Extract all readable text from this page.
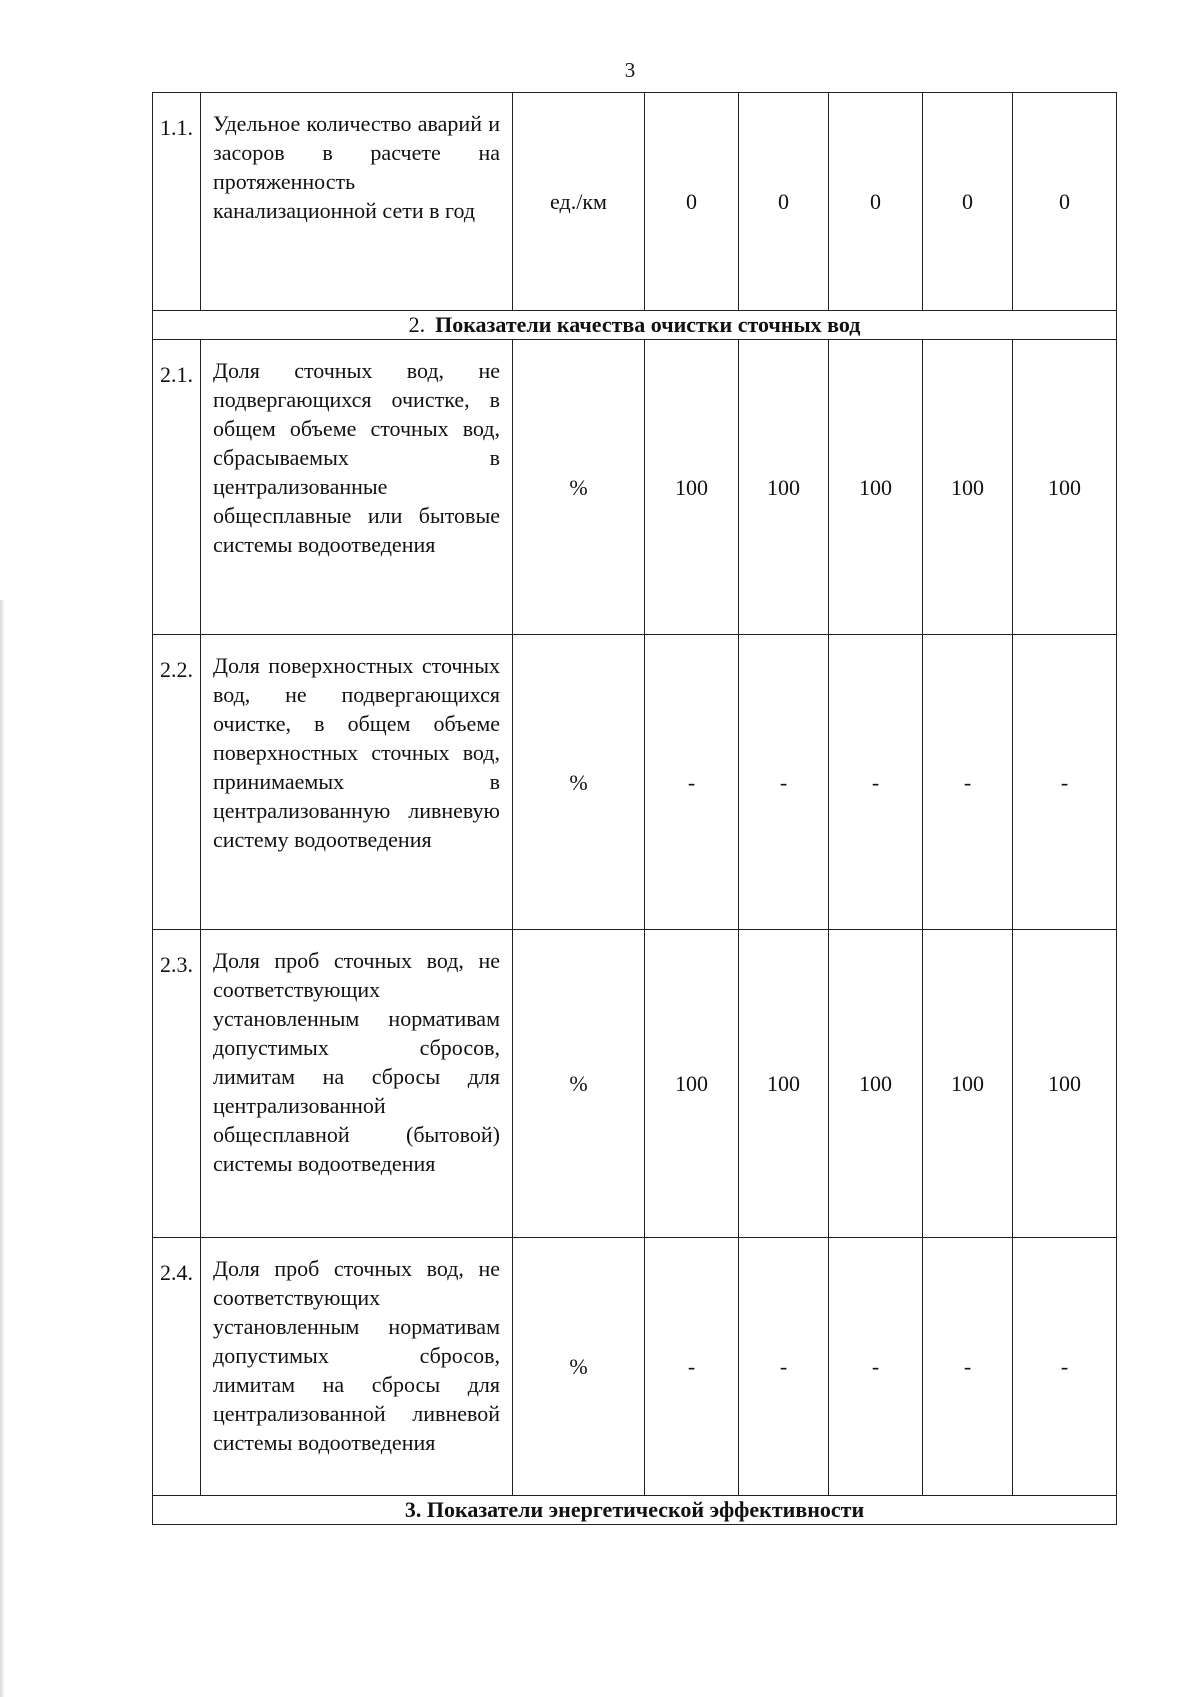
3
1.1.	Удельное количество аварий и засоров в расчете на протяженность канализационной сети в год	ед./км	0	0	0	0	0
2. Показатели качества очистки сточных вод							
2.1.	Доля сточных вод, не подвергающихся очистке, в общем объеме сточных вод, сбрасываемых в централизованные общесплавные или бытовые системы водоотведения	%	100	100	100	100	100
2.2.	Доля поверхностных сточных вод, не подвергающихся очистке, в общем объеме поверхностных сточных вод, принимаемых в централизованную ливневую систему водоотведения	%	-	-	-	-	-
2.3.	Доля проб сточных вод, не соответствующих установленным нормативам допустимых сбросов, лимитам на сбросы для централизованной общесплавной (бытовой) системы водоотведения	%	100	100	100	100	100
2.4.	Доля проб сточных вод, не соответствующих установленным нормативам допустимых сбросов, лимитам на сбросы для централизованной ливневой системы водоотведения	%	-	-	-	-	-
3. Показатели энергетической эффективности							
